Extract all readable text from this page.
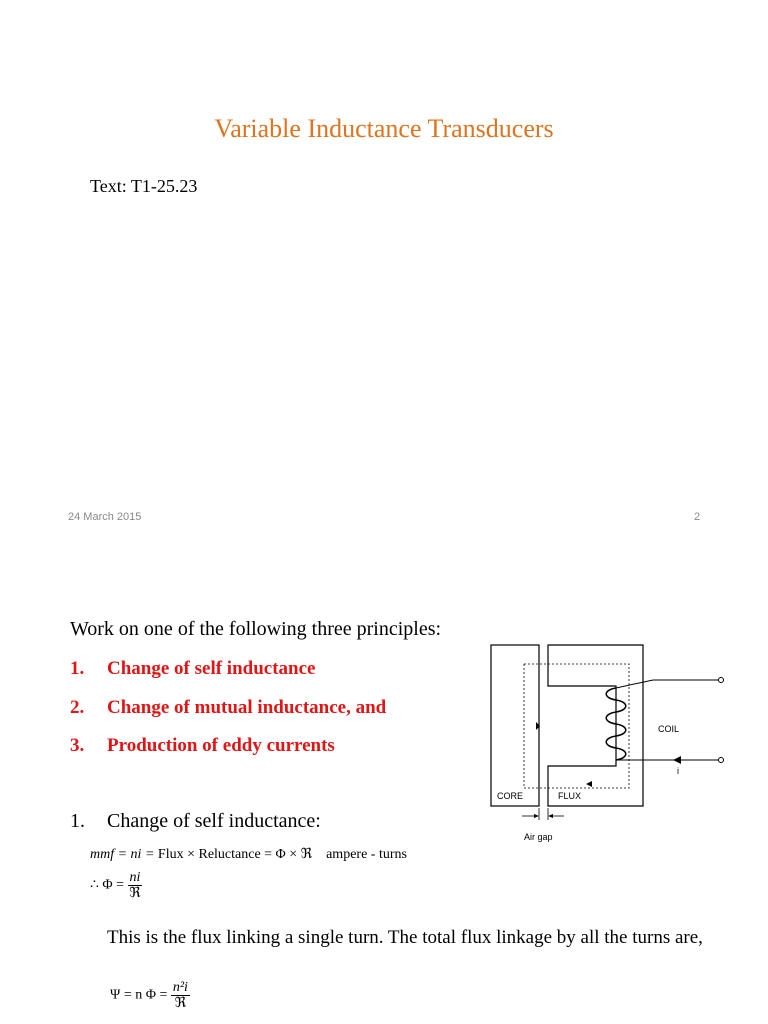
Variable Inductance Transducers
Text: T1-25.23
24 March 2015	2
Work on one of the following three principles:
1. Change of self inductance
2. Change of mutual inductance, and
3. Production of eddy currents
1. Change of self inductance:
mmf = ni = Flux × Reluctance = Φ × ℜ ampere - turns
∴ $\Phi = \frac{ni}{\text{ℜ}}$
This is the flux linking a single turn. The total flux linkage by all the turns are,
Ψ = n $\Phi = \frac{\text{n²i}}{\text{ℜ}}$
COIL
i
CORE	FLUX
Air gap
